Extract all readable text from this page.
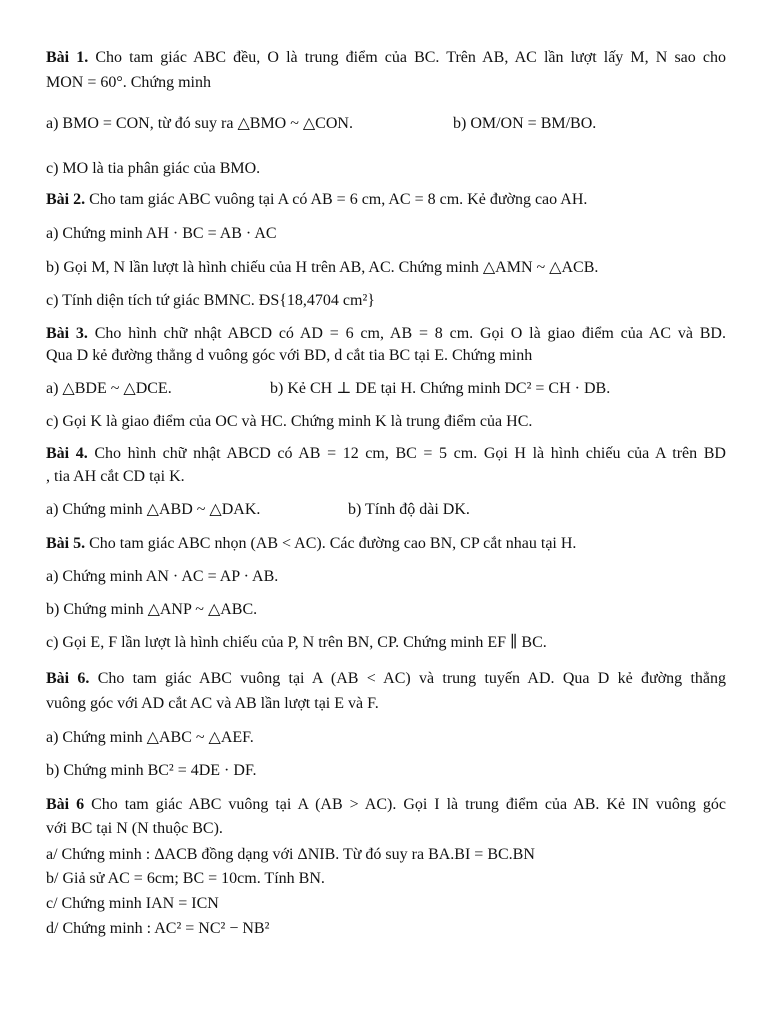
Bài 1. Cho tam giác ABC đều, O là trung điểm của BC. Trên AB, AC lần lượt lấy M, N sao cho
MON = 60°. Chứng minh
a) BMO = CON, từ đó suy ra △BMO ~ △CON.	b) OM/ON = BM/BO.
c) MO là tia phân giác của BMO.
Bài 2. Cho tam giác ABC vuông tại A có AB = 6 cm, AC = 8 cm. Kẻ đường cao AH.
a) Chứng minh AH · BC = AB · AC
b) Gọi M, N lần lượt là hình chiếu của H trên AB, AC. Chứng minh △AMN ~ △ACB.
c) Tính diện tích tứ giác BMNC. ĐS{18,4704 cm²}
Bài 3. Cho hình chữ nhật ABCD có AD = 6 cm, AB = 8 cm. Gọi O là giao điểm của AC và BD.
Qua D kẻ đường thẳng d vuông góc với BD, d cắt tia BC tại E. Chứng minh
a) △BDE ~ △DCE.	b) Kẻ CH ⊥ DE tại H. Chứng minh DC² = CH · DB.
c) Gọi K là giao điểm của OC và HC. Chứng minh K là trung điểm của HC.
Bài 4. Cho hình chữ nhật ABCD có AB = 12 cm, BC = 5 cm. Gọi H là hình chiếu của A trên BD
, tia AH cắt CD tại K.
a) Chứng minh △ABD ~ △DAK.	b) Tính độ dài DK.
Bài 5. Cho tam giác ABC nhọn (AB < AC). Các đường cao BN, CP cắt nhau tại H.
a) Chứng minh AN · AC = AP · AB.
b) Chứng minh △ANP ~ △ABC.
c) Gọi E, F lần lượt là hình chiếu của P, N trên BN, CP. Chứng minh EF ∥ BC.
Bài 6. Cho tam giác ABC vuông tại A (AB < AC) và trung tuyến AD. Qua D kẻ đường thẳng
vuông góc với AD cắt AC và AB lần lượt tại E và F.
a) Chứng minh △ABC ~ △AEF.
b) Chứng minh BC² = 4DE · DF.
Bài 6 Cho tam giác ABC vuông tại A (AB > AC). Gọi I là trung điểm của AB. Kẻ IN vuông góc
với BC tại N (N thuộc BC).
a/ Chứng minh : ΔACB đồng dạng với ΔNIB. Từ đó suy ra BA.BI = BC.BN
b/ Giả sử AC = 6cm; BC = 10cm. Tính BN.
c/ Chứng minh IAN = ICN
d/ Chứng minh : AC² = NC² − NB²
